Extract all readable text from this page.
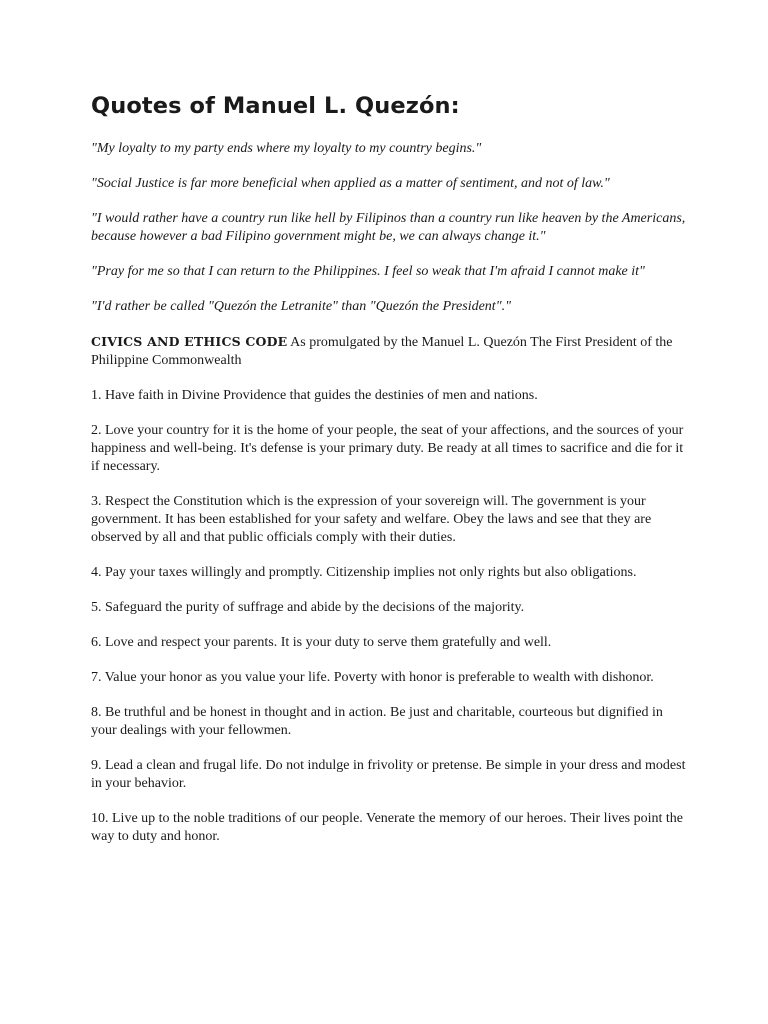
Quotes of Manuel L. Quezón:

"My loyalty to my party ends where my loyalty to my country begins."

"Social Justice is far more beneficial when applied as a matter of sentiment, and not of law."

"I would rather have a country run like hell by Filipinos than a country run like heaven by the Americans, because however a bad Filipino government might be, we can always change it."

"Pray for me so that I can return to the Philippines. I feel so weak that I'm afraid I cannot make it"

"I'd rather be called "Quezón the Letranite" than "Quezón the President"."

CIVICS AND ETHICS CODE As promulgated by the Manuel L. Quezón The First President of the Philippine Commonwealth

1. Have faith in Divine Providence that guides the destinies of men and nations.

2. Love your country for it is the home of your people, the seat of your affections, and the sources of your happiness and well-being. It's defense is your primary duty. Be ready at all times to sacrifice and die for it if necessary.

3. Respect the Constitution which is the expression of your sovereign will. The government is your government. It has been established for your safety and welfare. Obey the laws and see that they are observed by all and that public officials comply with their duties.

4. Pay your taxes willingly and promptly. Citizenship implies not only rights but also obligations.

5. Safeguard the purity of suffrage and abide by the decisions of the majority.

6. Love and respect your parents. It is your duty to serve them gratefully and well.

7. Value your honor as you value your life. Poverty with honor is preferable to wealth with dishonor.

8. Be truthful and be honest in thought and in action. Be just and charitable, courteous but dignified in your dealings with your fellowmen.

9. Lead a clean and frugal life. Do not indulge in frivolity or pretense. Be simple in your dress and modest in your behavior.

10. Live up to the noble traditions of our people. Venerate the memory of our heroes. Their lives point the way to duty and honor.
